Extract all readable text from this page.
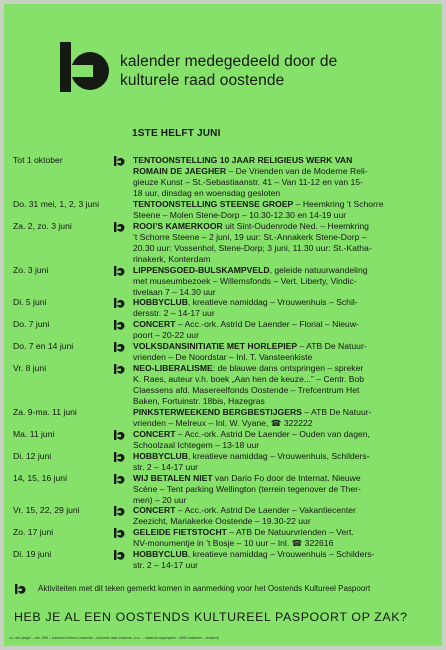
kalender medegedeeld door de
kulturele raad oostende
1STE HELFT JUNI
Tot 1 oktober	TENTOONSTELLING 10 JAAR RELIGIEUS WERK VAN
ROMAIN DE JAEGHER – De Vrienden van de Moderne Reli-
gieuze Kunst – St.-Sebastiaanstr. 41 – Van 11-12 en van 15-
18 uur, dinsdag en woensdag gesloten
Do. 31 mei, 1, 2, 3 juni	TENTOONSTELLING STEENSE GROEP – Heemkring ’t Schorre
Steene – Molen Stene-Dorp – 10.30-12.30 en 14-19 uur
Za. 2, zo. 3 juni	ROOI’S KAMERKOOR uit Sint-Oudenrode Ned. – Heemkring
’t Schorre Steene – 2 juni, 19 uur: St.-Annakerk Stene-Dorp –
20.30 uur: Vossenhol, Stene-Dorp; 3 juni, 11.30 uur: St.-Katha-
rinakerk, Konterdam
Zo. 3 juni	LIPPENSGOED-BULSKAMPVELD, geleide natuurwandeling
met museumbezoek – Willemsfonds – Vert. Liberty, Vindic-
tivelaan 7 – 14.30 uur
Di. 5 juni	HOBBYCLUB, kreatieve namiddag – Vrouwenhuis – Schil-
dersstr. 2 – 14-17 uur
Do. 7 juni	CONCERT – Acc.-ork. Astrid De Laender – Florial – Nieuw-
poort – 20-22 uur
Do. 7 en 14 juni	VOLKSDANSINITIATIE MET HORLEPIEP – ATB De Natuur-
vrienden – De Noordstar – Inl. T. Vansteenkiste
Vr. 8 juni	NEO-LIBERALISME: de blauwe dans ontspringen – spreker
K. Raes, auteur v.h. boek „Aan hen de keuze...” – Centr. Bob
Claessens afd. Masereelfonds Oostende – Trefcentrum Het
Baken, Fortuinstr. 18bis, Hazegras
Za. 9-ma. 11 juni	PINKSTERWEEKEND BERGBESTIJGERS – ATB De Natuur-
vrienden – Melreux – Inl. W. Vyane, ☎ 322222
Ma. 11 juni	CONCERT – Acc.-ork. Astrid De Laender – Ouden van dagen,
Schoolzaal Ichtegem – 13-18 uur
Di. 12 juni	HOBBYCLUB, kreatieve namiddag – Vrouwenhuis, Schilders-
str. 2 – 14-17 uur
14, 15, 16 juni	WIJ BETALEN NIET van Dario Fo door de Internat. Nieuwe
Scène – Tent parking Wellington (terrein tegenover de Ther-
men) – 20 uur
Vr. 15, 22, 29 juni	CONCERT – Acc.-ork. Astrid De Laender – Vakantiecenter
Zeezicht, Mariakerke Oostende – 19.30-22 uur
Zo. 17 juni	GELEIDE FIETSTOCHT – ATB De Natuurvrienden – Vert.
NV-monumentje in ’t Bosje – 10 uur – Inl. ☎ 322616
Di. 19 juni	HOBBYCLUB, kreatieve namiddag – Vrouwenhuis – Schilders-
str. 2 – 14-17 uur
Aktiviteiten met dit teken gemerkt komen in aanmerking voor het Oostends Kultureel Paspoort
HEB JE AL EEN OOSTENDS KULTUREEL PASPOORT OP ZAK?
v.u. ann jaeger – am. 2/84 – kultureel centrum oostende – kulturele raad oostende, k.r.o. – stadhuis wapenplein – 8400 oostende – drukkerij
